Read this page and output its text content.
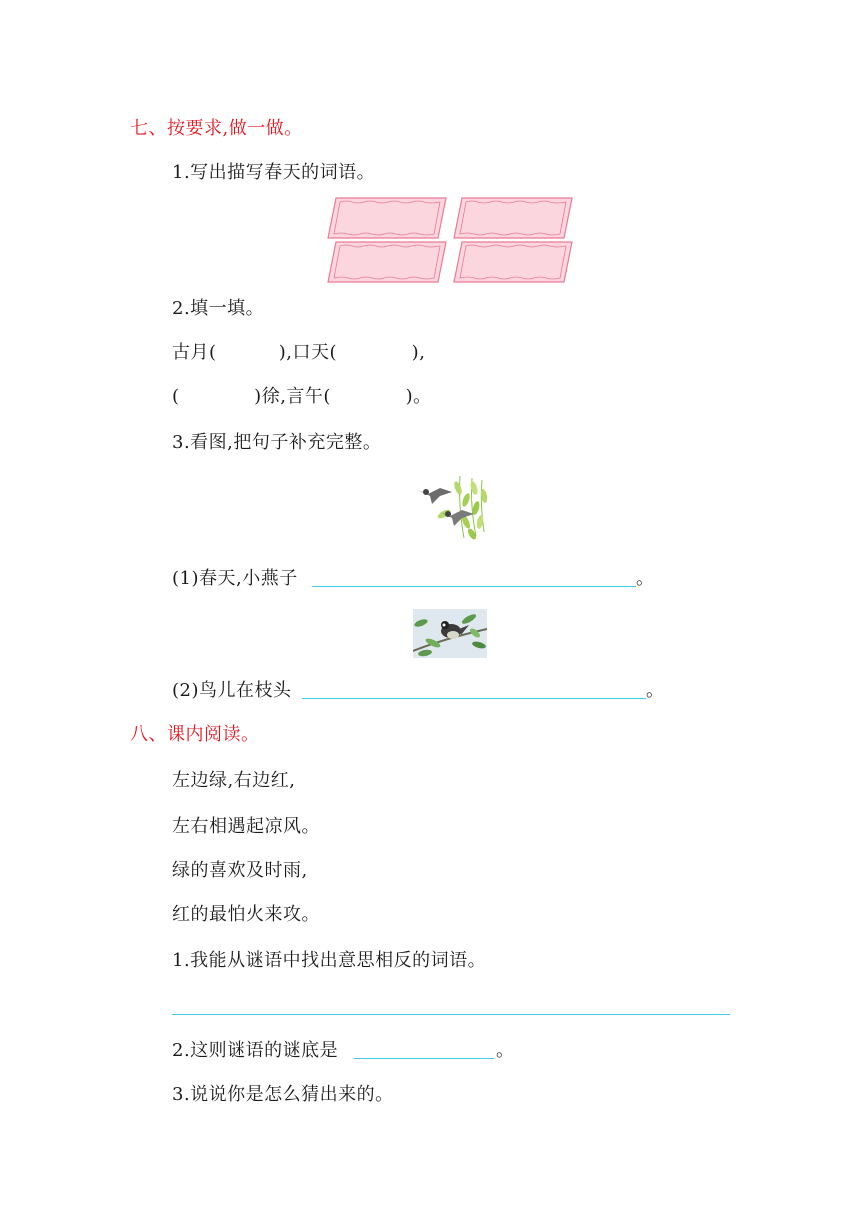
七、按要求,做一做。
1.写出描写春天的词语。
2.填一填。
古月(          ),口天(            ),
(            )徐,言午(            )。
3.看图,把句子补充完整。
(1)春天,小燕子	。
(2)鸟儿在枝头	。
八、课内阅读。
左边绿,右边红,
左右相遇起凉风。
绿的喜欢及时雨,
红的最怕火来攻。
1.我能从谜语中找出意思相反的词语。
2.这则谜语的谜底是	。
3.说说你是怎么猜出来的。
